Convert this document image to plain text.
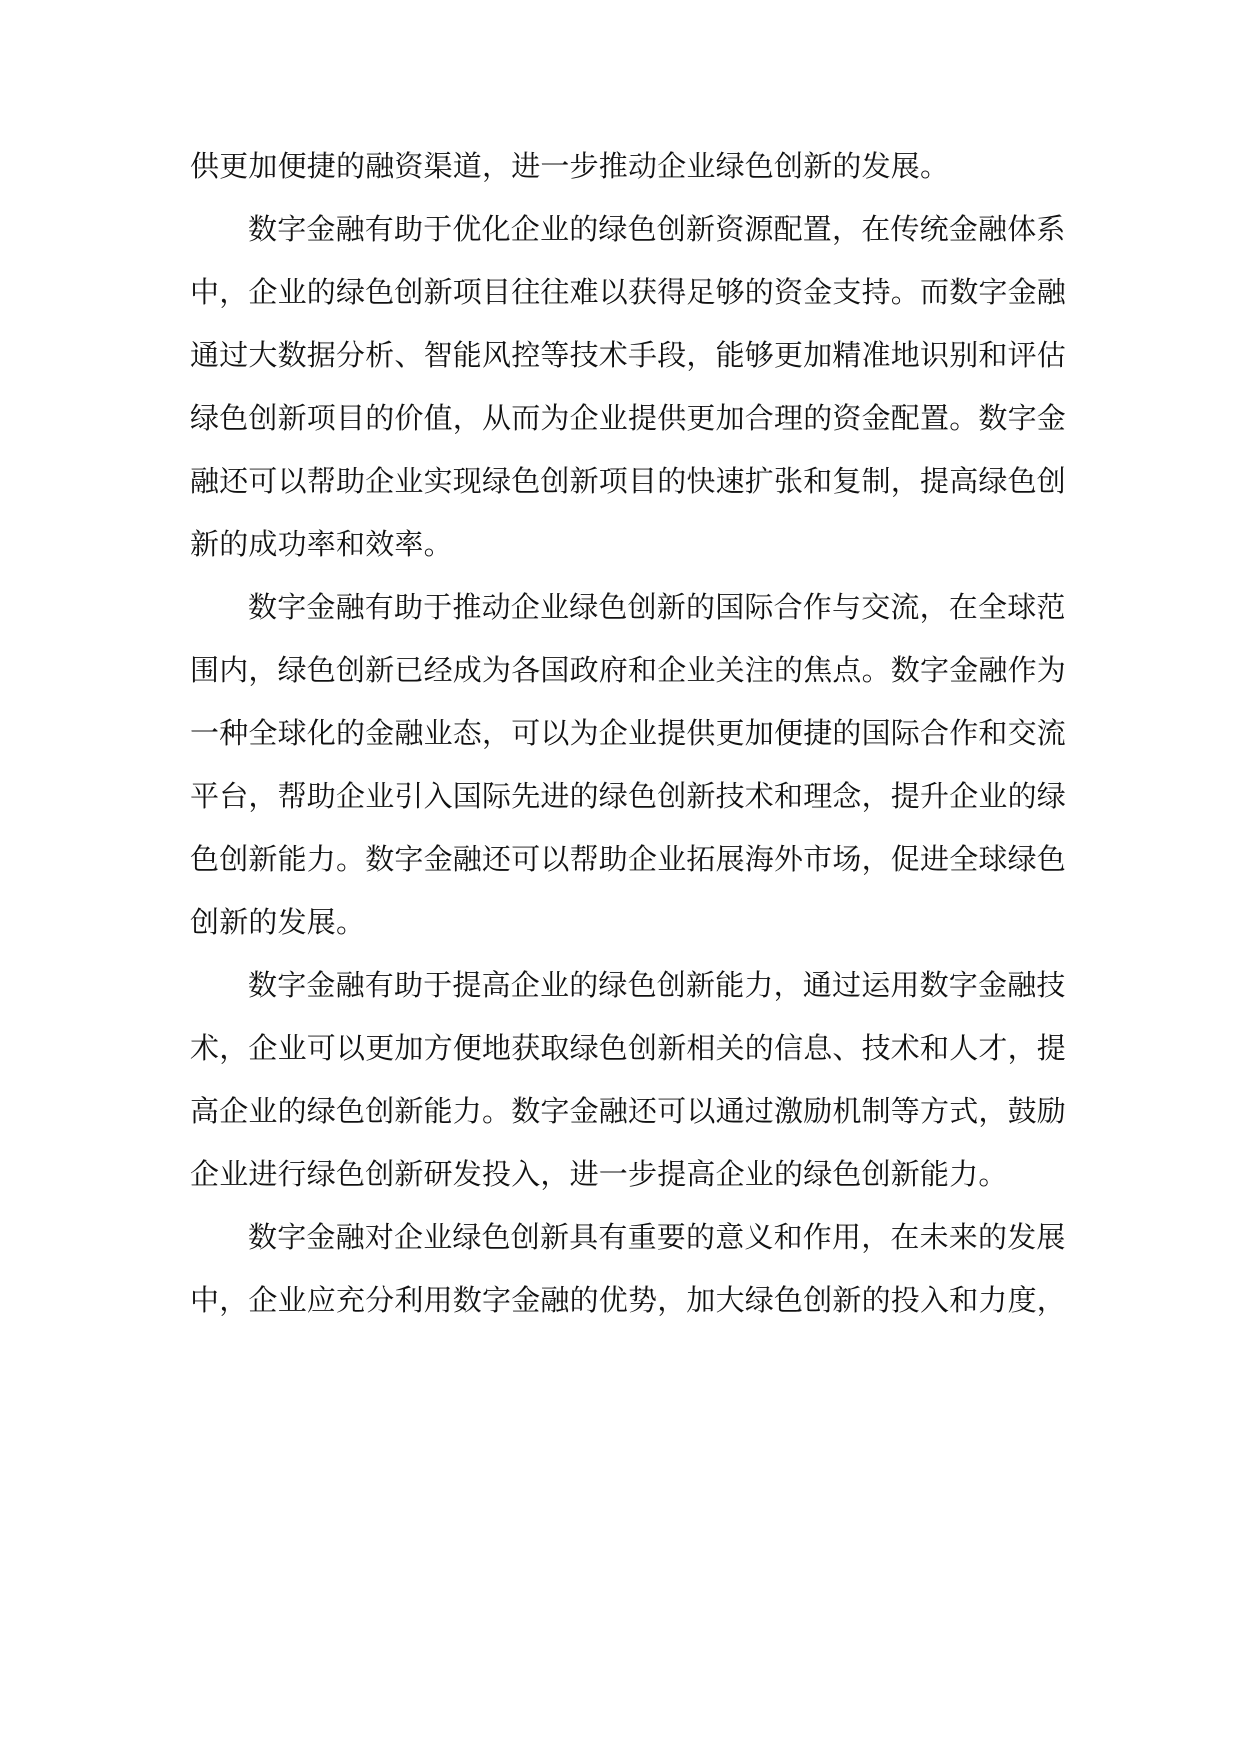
供更加便捷的融资渠道，进一步推动企业绿色创新的发展。
数字金融有助于优化企业的绿色创新资源配置，在传统金融体系
中，企业的绿色创新项目往往难以获得足够的资金支持。而数字金融
通过大数据分析、智能风控等技术手段，能够更加精准地识别和评估
绿色创新项目的价值，从而为企业提供更加合理的资金配置。数字金
融还可以帮助企业实现绿色创新项目的快速扩张和复制，提高绿色创
新的成功率和效率。
数字金融有助于推动企业绿色创新的国际合作与交流，在全球范
围内，绿色创新已经成为各国政府和企业关注的焦点。数字金融作为
一种全球化的金融业态，可以为企业提供更加便捷的国际合作和交流
平台，帮助企业引入国际先进的绿色创新技术和理念，提升企业的绿
色创新能力。数字金融还可以帮助企业拓展海外市场，促进全球绿色
创新的发展。
数字金融有助于提高企业的绿色创新能力，通过运用数字金融技
术，企业可以更加方便地获取绿色创新相关的信息、技术和人才，提
高企业的绿色创新能力。数字金融还可以通过激励机制等方式，鼓励
企业进行绿色创新研发投入，进一步提高企业的绿色创新能力。
数字金融对企业绿色创新具有重要的意义和作用，在未来的发展
中，企业应充分利用数字金融的优势，加大绿色创新的投入和力度，
